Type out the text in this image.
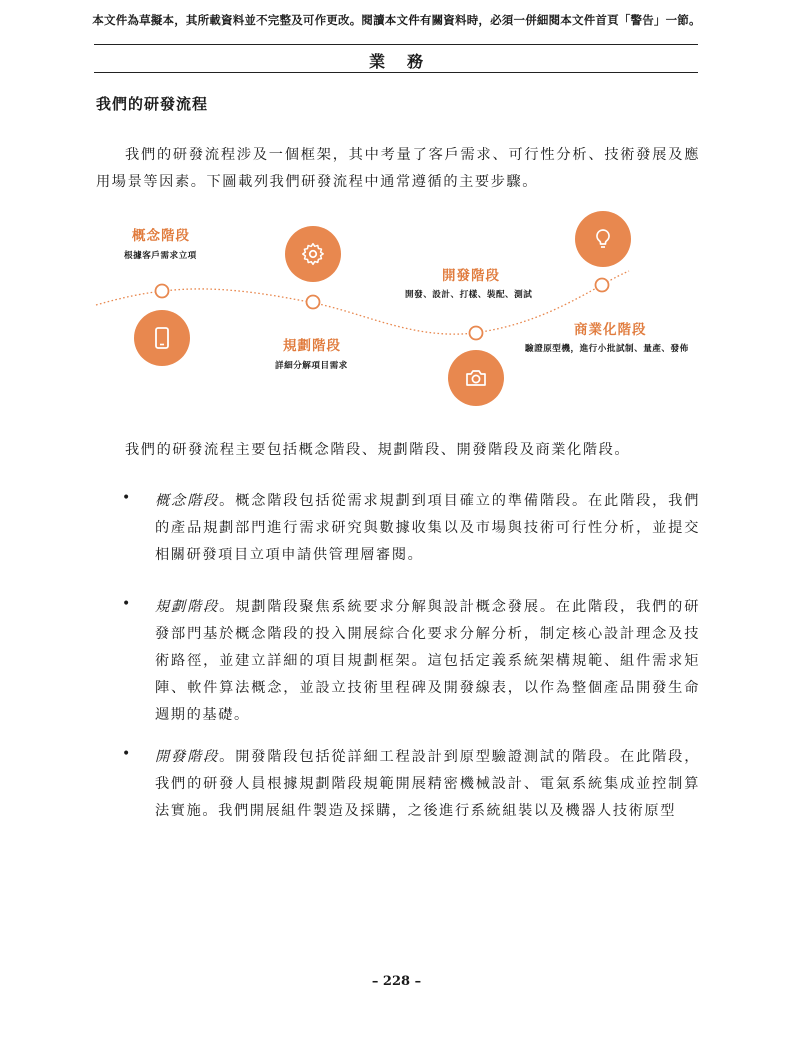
本文件為草擬本，其所載資料並不完整及可作更改。閱讀本文件有關資料時，必須一併細閱本文件首頁「警告」一節。
業務
我們的研發流程
我們的研發流程涉及一個框架，其中考量了客戶需求、可行性分析、技術發展及應用場景等因素。下圖載列我們研發流程中通常遵循的主要步驟。
概念階段
根據客戶需求立項
規劃階段
詳細分解項目需求
開發階段
開發、設計、打樣、裝配、測試
商業化階段
驗證原型機，進行小批試制、量產、發佈
我們的研發流程主要包括概念階段、規劃階段、開發階段及商業化階段。
• 概念階段。概念階段包括從需求規劃到項目確立的準備階段。在此階段，我們的產品規劃部門進行需求研究與數據收集以及市場與技術可行性分析，並提交相關研發項目立項申請供管理層審閱。
• 規劃階段。規劃階段聚焦系統要求分解與設計概念發展。在此階段，我們的研發部門基於概念階段的投入開展綜合化要求分解分析，制定核心設計理念及技術路徑，並建立詳細的項目規劃框架。這包括定義系統架構規範、組件需求矩陣、軟件算法概念，並設立技術里程碑及開發線表，以作為整個產品開發生命週期的基礎。
• 開發階段。開發階段包括從詳細工程設計到原型驗證測試的階段。在此階段，我們的研發人員根據規劃階段規範開展精密機械設計、電氣系統集成並控制算法實施。我們開展組件製造及採購，之後進行系統組裝以及機器人技術原型
– 228 –
